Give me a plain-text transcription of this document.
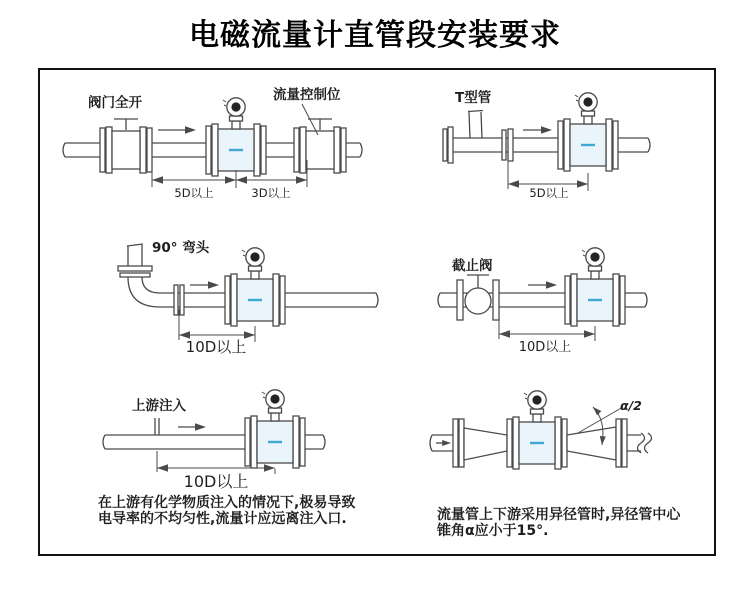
电磁流量计直管段安装要求
阀门全开	流量控制位
5D以上	3D以上
T型管
5D以上
90° 弯头
10D以上
截止阀
10D以上
上游注入
10D以上
在上游有化学物质注入的情况下,极易导致
电导率的不均匀性,流量计应远离注入口.
α/2
流量管上下游采用异径管时,异径管中心
锥角α应小于15°.
